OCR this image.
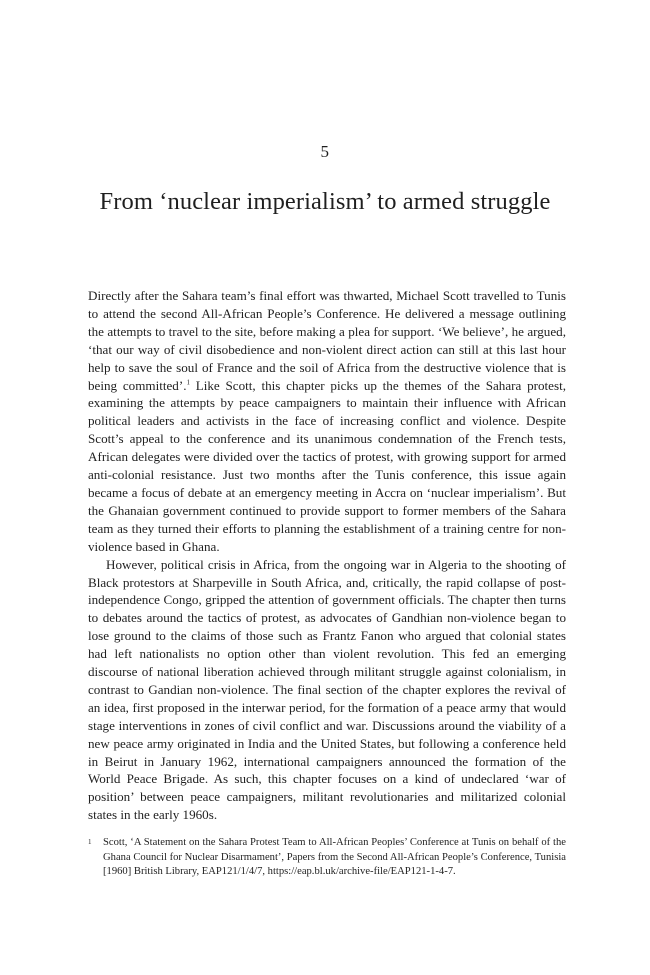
5
From ‘nuclear imperialism’ to armed struggle

Directly after the Sahara team’s final effort was thwarted, Michael Scott travelled to Tunis to attend the second All-African People’s Conference. He delivered a message outlining the attempts to travel to the site, before making a plea for support. ‘We believe’, he argued, ‘that our way of civil disobedience and non-violent direct action can still at this last hour help to save the soul of France and the soil of Africa from the destructive violence that is being committed’.$^1$ Like Scott, this chapter picks up the themes of the Sahara protest, examining the attempts by peace campaigners to maintain their influence with African political leaders and activists in the face of increasing conflict and violence. Despite Scott’s appeal to the conference and its unanimous condemnation of the French tests, African delegates were divided over the tactics of protest, with growing support for armed anti-colonial resistance. Just two months after the Tunis conference, this issue again became a focus of debate at an emergency meeting in Accra on ‘nuclear imperialism’. But the Ghanaian government continued to provide support to former members of the Sahara team as they turned their efforts to planning the establishment of a training centre for non-violence based in Ghana.

However, political crisis in Africa, from the ongoing war in Algeria to the shooting of Black protestors at Sharpeville in South Africa, and, critically, the rapid collapse of post-independence Congo, gripped the attention of government officials. The chapter then turns to debates around the tactics of protest, as advocates of Gandhian non-violence began to lose ground to the claims of those such as Frantz Fanon who argued that colonial states had left nationalists no option other than violent revolution. This fed an emerging discourse of national liberation achieved through militant struggle against colonialism, in contrast to Gandian non-violence. The final section of the chapter explores the revival of an idea, first proposed in the interwar period, for the formation of a peace army that would stage interventions in zones of civil conflict and war. Discussions around the viability of a new peace army originated in India and the United States, but following a conference held in Beirut in January 1962, international campaigners announced the formation of the World Peace Brigade. As such, this chapter focuses on a kind of undeclared ‘war of position’ between peace campaigners, militant revolutionaries and militarized colonial states in the early 1960s.

1	Scott, ‘A Statement on the Sahara Protest Team to All-African Peoples’ Conference at Tunis on behalf of the Ghana Council for Nuclear Disarmament’, Papers from the Second All-African People’s Conference, Tunisia [1960] British Library, EAP121/1/4/7, https://eap.bl.uk/archive-file/EAP121-1-4-7.
